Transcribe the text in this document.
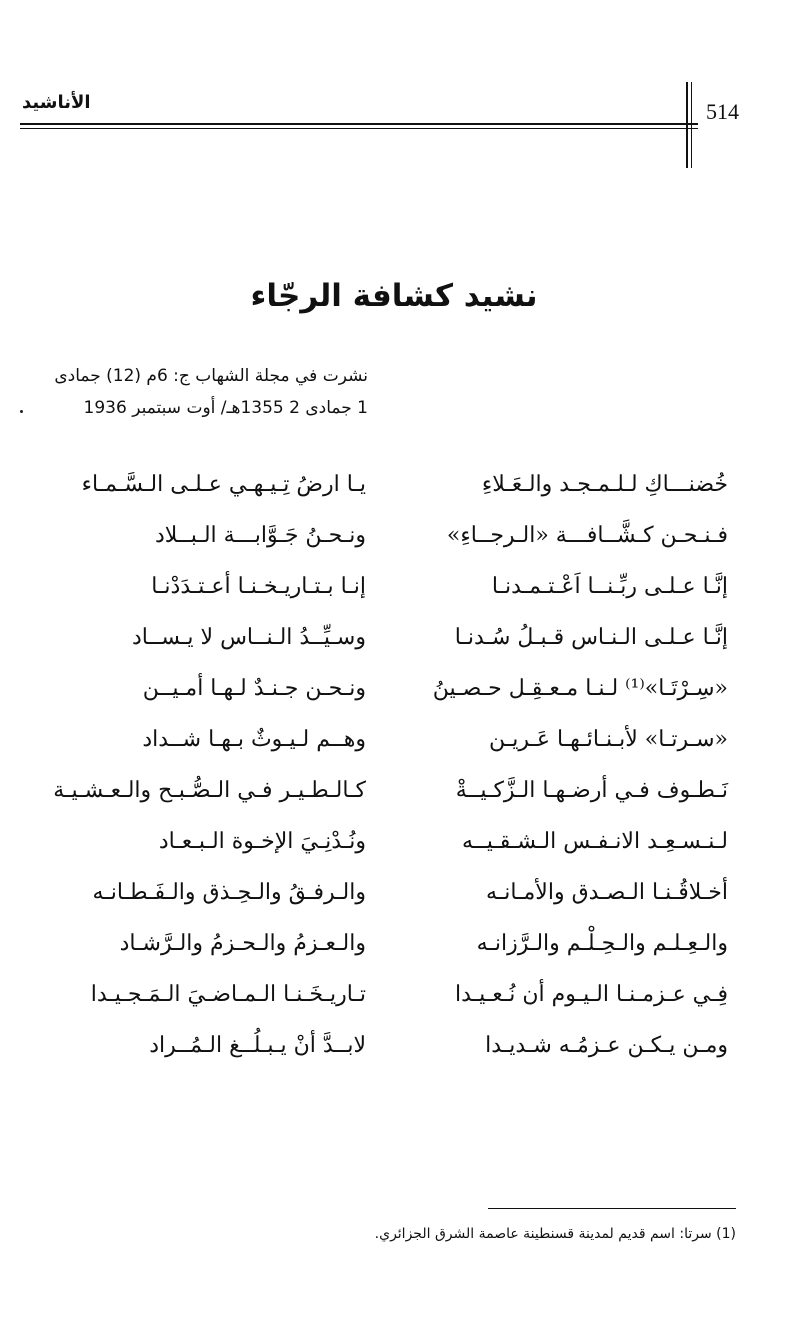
الأناشيد	514
نشيد كشافة الرجّاء
نشرت في مجلة الشهاب ج: 6م (12) جمادى
1 جمادى 2 1355هـ/ أوت سبتمبر 1936
خُضنـــاكِ لـلـمـجـد والـعَـلاءِ
يـا ارضُ تِـيـهـي عـلـى الـسَّـمـاء
فـنـحـن كـشَّــافـــة «الـرجــاءِ»
ونـحـنُ جَـوَّابـــة الـبــلاد
إنَّـا عـلـى ربِّـنــا اَعْـتـمـدنـا
إنـا بـتـاريـخـنـا أعـتـدَدْنـا
إنَّـا عـلـى الـنـاس قـبـلُ سُـدنـا
وسـيِّــدُ الـنــاس لا يـســاد
«سِـرْتَـا»⁽¹⁾ لـنـا مـعـقِـل حـصـينُ
ونـحـن جـنـدٌ لـهـا أمـيــن
«سـرتـا» لأبـنـائـهـا عَـريـن
وهــم لـيـوثٌ بـهـا شــداد
نَـطـوف فـي أرضـهـا الـزَّكـيــةْ
كـالـطـيـر فـي الـصُّـبـح والـعـشـيـة
لـنـسـعِـد الانـفـس الـشـقـيــه
ونُـدْنِـيَ الإخـوة الـبـعـاد
أخـلاقُـنـا الـصـدق والأمـانـه
والـرفـقُ والـحِـذق والـفَـطـانـه
والـعِـلـم والـحِـلْـم والـرَّزانـه
والـعـزمُ والـحـزمُ والـرَّشـاد
فِـي عـزمـنـا الـيـوم أن نُـعـيـدا
تـاريـخَـنـا الـمـاضـيَ الـمَـجـيـدا
ومـن يـكـن عـزمُـه شـديـدا
لابــدَّ أنْ يـبـلُــغ الـمُــراد
(1) سرتا: اسم قديم لمدينة قسنطينة عاصمة الشرق الجزائري.
